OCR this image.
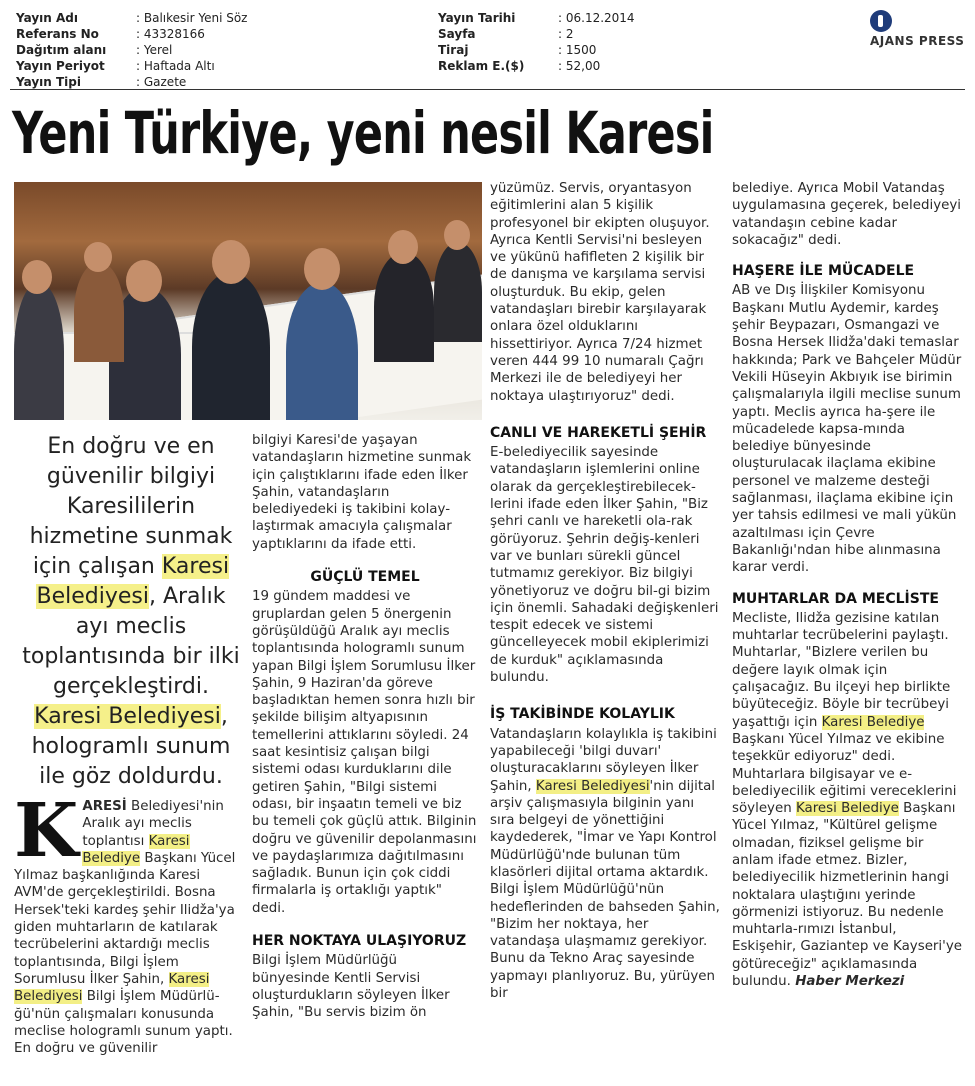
Yayın Adı	: Balıkesir Yeni Söz
Referans No	: 43328166
Dağıtım alanı : Yerel
Yayın Periyot	: Haftada Altı
Yayın Tipi	: Gazete
Yayın Tarihi	: 06.12.2014
Sayfa	: 2
Tiraj	: 1500
Reklam E.($)	: 52,00
AJANS PRESS
Yeni Türkiye, yeni nesil Karesi
En doğru ve en güvenilir bilgiyi Karesililerin hizmetine sunmak için çalışan Karesi Belediyesi, Aralık ayı meclis toplantısında bir ilki gerçekleştirdi. Karesi Belediyesi, hologramlı sunum ile göz doldurdu.

KARESİ Belediyesi'nin Aralık ayı meclis toplantısı Karesi Belediye Başkanı Yücel Yılmaz başkanlığında Karesi AVM'de gerçekleştirildi. Bosna Hersek'teki kardeş şehir Ilidža'ya giden muhtarların de katılarak tecrübelerini aktardığı meclis toplantısında, Bilgi İşlem Sorumlusu İlker Şahin, Karesi Belediyesi Bilgi İşlem Müdürlü-ğü'nün çalışmaları konusunda meclise hologramlı sunum yaptı. En doğru ve güvenilir

bilgiyi Karesi'de yaşayan vatandaşların hizmetine sunmak için çalıştıklarını ifade eden İlker Şahin, vatandaşların belediyedeki iş takibini kolay-laştırmak amacıyla çalışmalar yaptıklarını da ifade etti.

GÜÇLÜ TEMEL

19 gündem maddesi ve gruplardan gelen 5 önergenin görüşüldüğü Aralık ayı meclis toplantısında hologramlı sunum yapan Bilgi İşlem Sorumlusu İlker Şahin, 9 Haziran'da göreve başladıktan hemen sonra hızlı bir şekilde bilişim altyapısının temellerini attıklarını söyledi. 24 saat kesintisiz çalışan bilgi sistemi odası kurduklarını dile getiren Şahin, "Bilgi sistemi odası, bir inşaatın temeli ve biz bu temeli çok güçlü attık. Bilginin doğru ve güvenilir depolanmasını ve paydaşlarımıza dağıtılmasını sağladık. Bunun için çok ciddi firmalarla iş ortaklığı yaptık" dedi.

HER NOKTAYA ULAŞIYORUZ

Bilgi İşlem Müdürlüğü bünyesinde Kentli Servisi oluşturdukların söyleyen İlker Şahin, "Bu servis bizim ön

yüzümüz. Servis, oryantasyon eğitimlerini alan 5 kişilik profesyonel bir ekipten oluşuyor. Ayrıca Kentli Servisi'ni besleyen ve yükünü hafifleten 2 kişilik bir de danışma ve karşılama servisi oluşturduk. Bu ekip, gelen vatandaşları birebir karşılayarak onlara özel olduklarını hissettiriyor. Ayrıca 7/24 hizmet veren 444 99 10 numaralı Çağrı Merkezi ile de belediyeyi her noktaya ulaştırıyoruz" dedi.

CANLI VE HAREKETLİ ŞEHİR

E-belediyecilik sayesinde vatandaşların işlemlerini online olarak da gerçekleştirebilecek-lerini ifade eden İlker Şahin, "Biz şehri canlı ve hareketli ola-rak görüyoruz. Şehrin değiş-kenleri var ve bunları sürekli güncel tutmamız gerekiyor. Biz bilgiyi yönetiyoruz ve doğru bil-gi bizim için önemli. Sahadaki değişkenleri tespit edecek ve sistemi güncelleyecek mobil ekiplerimizi de kurduk" açıklamasında bulundu.

İŞ TAKİBİNDE KOLAYLIK

Vatandaşların kolaylıkla iş takibini yapabileceği 'bilgi duvarı' oluşturacaklarını söyleyen İlker Şahin, Karesi Belediyesi'nin dijital arşiv çalışmasıyla bilginin yanı sıra belgeyi de yönettiğini kaydederek, "İmar ve Yapı Kontrol Müdürlüğü'nde bulunan tüm klasörleri dijital ortama aktardık. Bilgi İşlem Müdürlüğü'nün hedeflerinden de bahseden Şahin, "Bizim her noktaya, her vatandaşa ulaşmamız gerekiyor. Bunu da Tekno Araç sayesinde yapmayı planlıyoruz. Bu, yürüyen bir

belediye. Ayrıca Mobil Vatandaş uygulamasına geçerek, belediyeyi vatandaşın cebine kadar sokacağız" dedi.

HAŞERE İLE MÜCADELE

AB ve Dış İlişkiler Komisyonu Başkanı Mutlu Aydemir, kardeş şehir Beypazarı, Osmangazi ve Bosna Hersek Ilidža'daki temaslar hakkında; Park ve Bahçeler Müdür Vekili Hüseyin Akbıyık ise birimin çalışmalarıyla ilgili meclise sunum yaptı. Meclis ayrıca ha-şere ile mücadelede kapsa-mında belediye bünyesinde oluşturulacak ilaçlama ekibine personel ve malzeme desteği sağlanması, ilaçlama ekibine için yer tahsis edilmesi ve mali yükün azaltılması için Çevre Bakanlığı'ndan hibe alınmasına karar verdi.

MUHTARLAR DA MECLİSTE

Mecliste, Ilidža gezisine katılan muhtarlar tecrübelerini paylaştı. Muhtarlar, "Bizlere verilen bu değere layık olmak için çalışacağız. Bu ilçeyi hep birlikte büyüteceğiz. Böyle bir tecrübeyi yaşattığı için Karesi Belediye Başkanı Yücel Yılmaz ve ekibine teşekkür ediyoruz" dedi. Muhtarlara bilgisayar ve e-belediyecilik eğitimi vereceklerini söyleyen Karesi Belediye Başkanı Yücel Yılmaz, "Kültürel gelişme olmadan, fiziksel gelişme bir anlam ifade etmez. Bizler, belediyecilik hizmetlerinin hangi noktalara ulaştığını yerinde görmenizi istiyoruz. Bu nedenle muhtarla-rımızı İstanbul, Eskişehir, Gaziantep ve Kayseri'ye götüreceğiz" açıklamasında bulundu. Haber Merkezi
